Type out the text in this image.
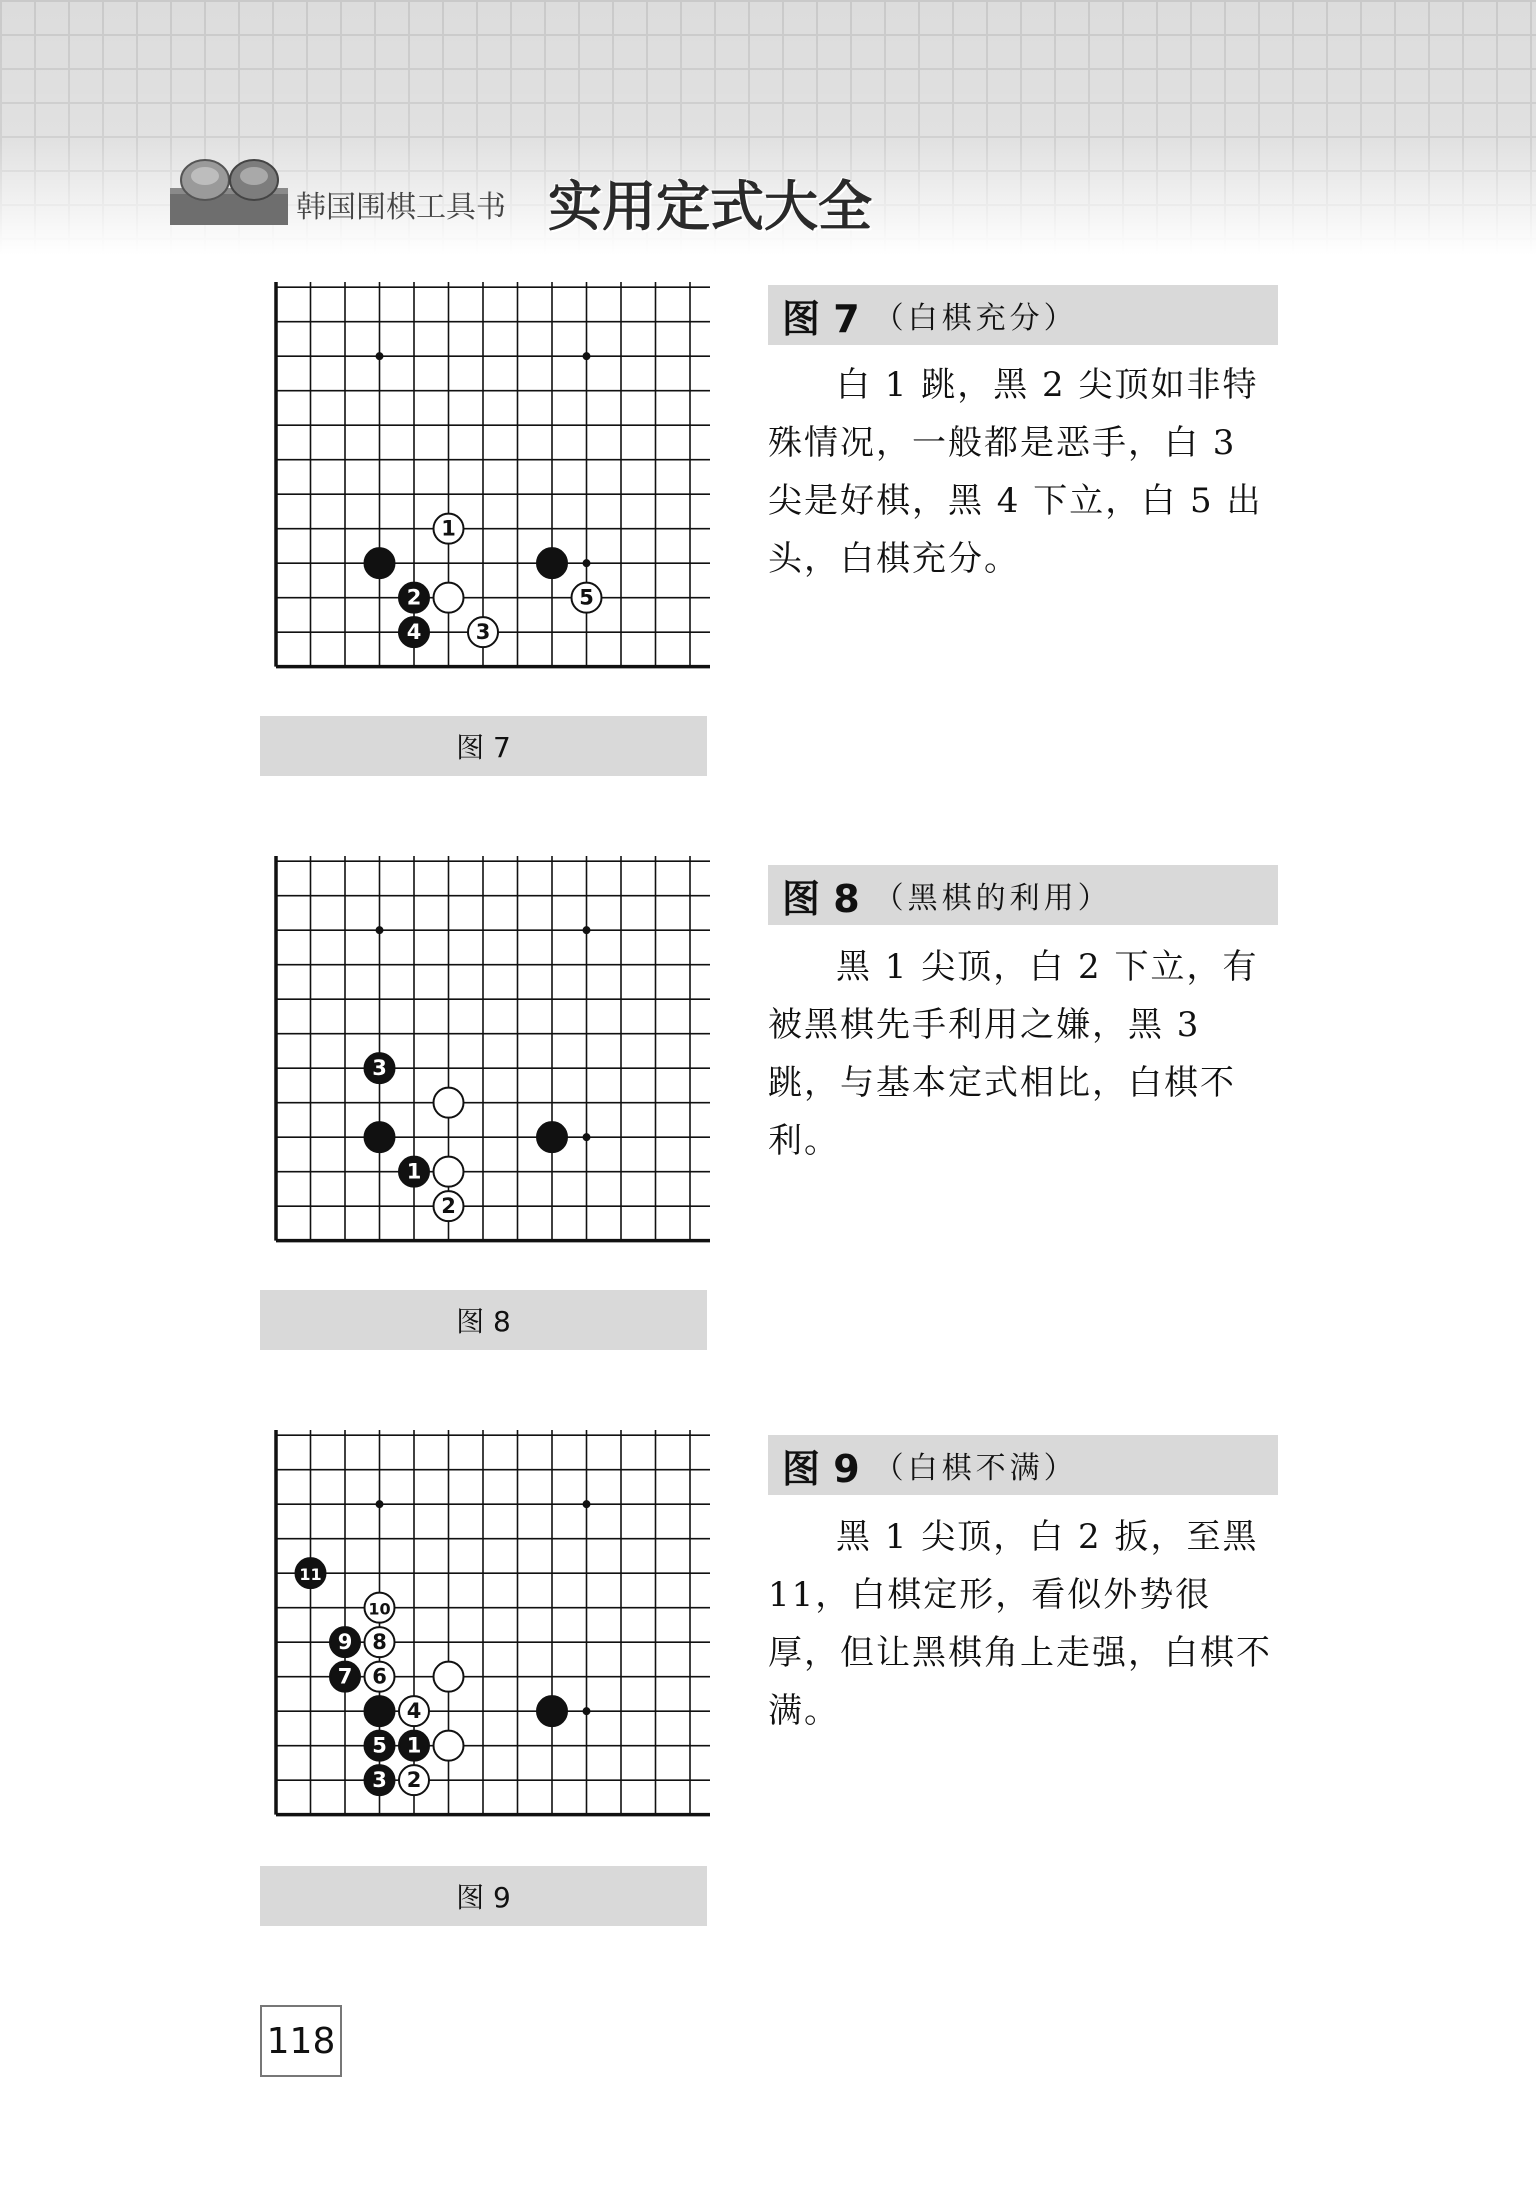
韩国围棋工具书 实用定式大全
1
2
3
4
5
图 7
图 7 （白棋充分）

白 1 跳，黑 2 尖顶如非特殊情况，一般都是恶手，白 3 尖是好棋，黑 4 下立，白 5 出头，白棋充分。

1
2
3
图 8
图 8 （黑棋的利用）

黑 1 尖顶，白 2 下立，有被黑棋先手利用之嫌，黑 3 跳，与基本定式相比，白棋不利。

1
2
3
4
5
6
7
8
9
10
11
图 9
图 9 （白棋不满）

黑 1 尖顶，白 2 扳，至黑 11，白棋定形，看似外势很厚，但让黑棋角上走强，白棋不满。

118
